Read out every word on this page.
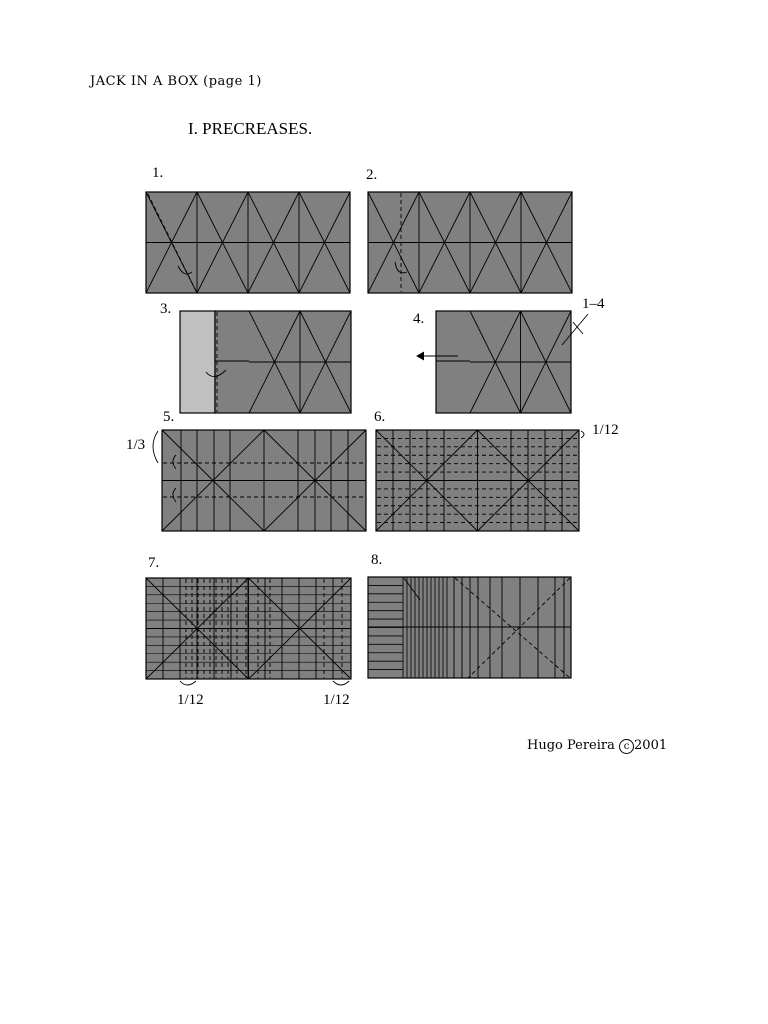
JACK IN A BOX (page 1)
I. PRECREASES.
1.	2.
3.
4.
5.	6.
7.	8.
1–4
1/3
1/12
1/12	1/12
Hugo Pereira c 2001
